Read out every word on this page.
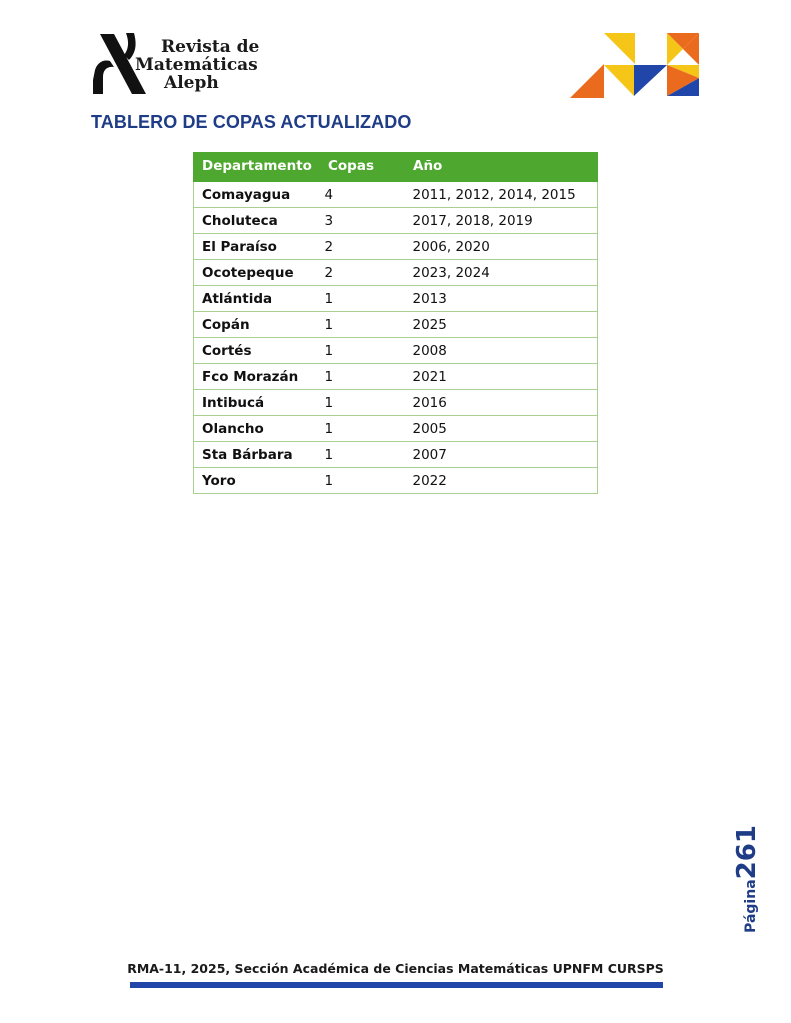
Revista de
Matemáticas
Aleph
TABLERO DE COPAS ACTUALIZADO
Departamento	Copas	Año
Comayagua	4	2011, 2012, 2014, 2015
Choluteca	3	2017, 2018, 2019
El Paraíso	2	2006, 2020
Ocotepeque	2	2023, 2024
Atlántida	1	2013
Copán	1	2025
Cortés	1	2008
Fco Morazán	1	2021
Intibucá	1	2016
Olancho	1	2005
Sta Bárbara	1	2007
Yoro	1	2022
Página261
RMA-11, 2025, Sección Académica de Ciencias Matemáticas UPNFM CURSPS
